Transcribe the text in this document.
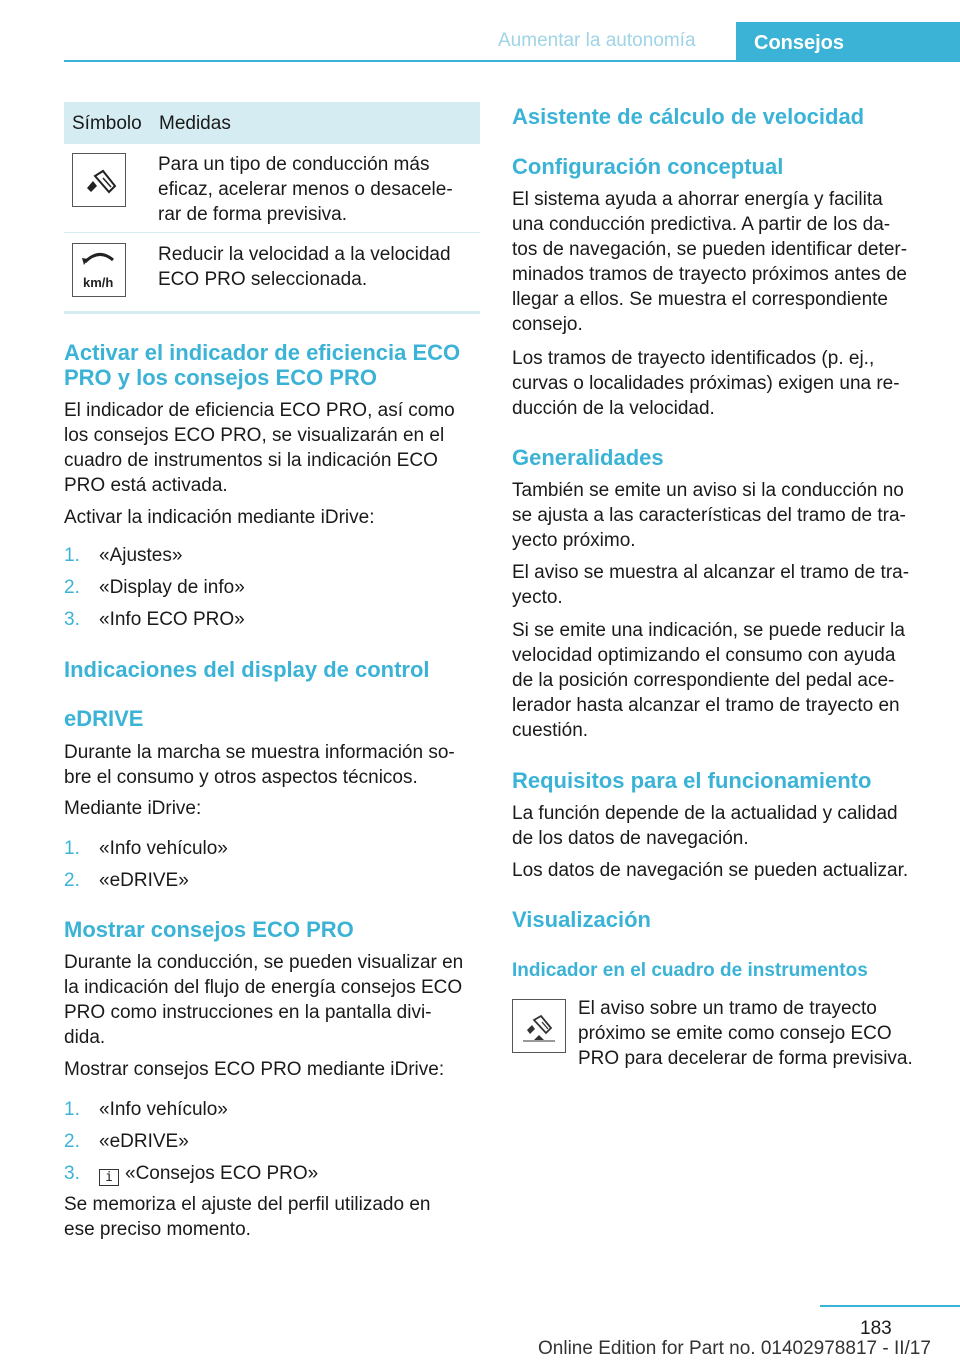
Aumentar la autonomía	Consejos
Símbolo Medidas
Para un tipo de conducción más
eficaz, acelerar menos o desacele-
rar de forma previsiva.
km/h
Reducir la velocidad a la velocidad
ECO PRO seleccionada.
Activar el indicador de eficiencia ECO
PRO y los consejos ECO PRO
El indicador de eficiencia ECO PRO, así como
los consejos ECO PRO, se visualizarán en el
cuadro de instrumentos si la indicación ECO
PRO está activada.
Activar la indicación mediante iDrive:
1. «Ajustes»
2. «Display de info»
3. «Info ECO PRO»
Indicaciones del display de control
eDRIVE
Durante la marcha se muestra información so-
bre el consumo y otros aspectos técnicos.
Mediante iDrive:
1. «Info vehículo»
2. «eDRIVE»
Mostrar consejos ECO PRO
Durante la conducción, se pueden visualizar en
la indicación del flujo de energía consejos ECO
PRO como instrucciones en la pantalla divi-
dida.
Mostrar consejos ECO PRO mediante iDrive:
1. «Info vehículo»
2. «eDRIVE»
3.	i «Consejos ECO PRO»
Se memoriza el ajuste del perfil utilizado en
ese preciso momento.
Asistente de cálculo de velocidad
Configuración conceptual
El sistema ayuda a ahorrar energía y facilita
una conducción predictiva. A partir de los da-
tos de navegación, se pueden identificar deter-
minados tramos de trayecto próximos antes de
llegar a ellos. Se muestra el correspondiente
consejo.
Los tramos de trayecto identificados (p. ej.,
curvas o localidades próximas) exigen una re-
ducción de la velocidad.
Generalidades
También se emite un aviso si la conducción no
se ajusta a las características del tramo de tra-
yecto próximo.
El aviso se muestra al alcanzar el tramo de tra-
yecto.
Si se emite una indicación, se puede reducir la
velocidad optimizando el consumo con ayuda
de la posición correspondiente del pedal ace-
lerador hasta alcanzar el tramo de trayecto en
cuestión.
Requisitos para el funcionamiento
La función depende de la actualidad y calidad
de los datos de navegación.
Los datos de navegación se pueden actualizar.
Visualización
Indicador en el cuadro de instrumentos
El aviso sobre un tramo de trayecto
próximo se emite como consejo ECO
PRO para decelerar de forma previsiva.
183
Online Edition for Part no. 01402978817 - II/17
